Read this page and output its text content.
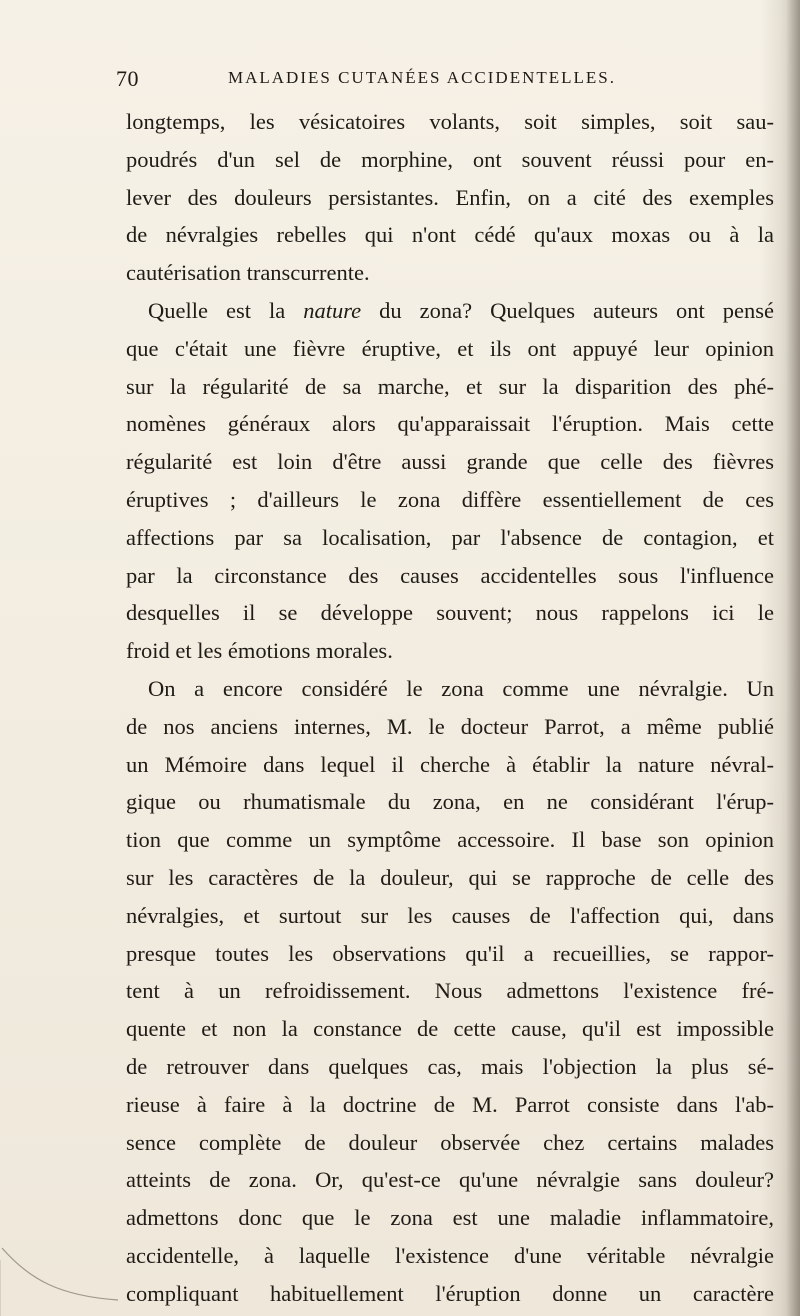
70	MALADIES CUTANÉES ACCIDENTELLES.
longtemps, les vésicatoires volants, soit simples, soit sau-
poudrés d'un sel de morphine, ont souvent réussi pour en-
lever des douleurs persistantes. Enfin, on a cité des exemples
de névralgies rebelles qui n'ont cédé qu'aux moxas ou à la
cautérisation transcurrente.
Quelle est la nature du zona? Quelques auteurs ont pensé
que c'était une fièvre éruptive, et ils ont appuyé leur opinion
sur la régularité de sa marche, et sur la disparition des phé-
nomènes généraux alors qu'apparaissait l'éruption. Mais cette
régularité est loin d'être aussi grande que celle des fièvres
éruptives ; d'ailleurs le zona diffère essentiellement de ces
affections par sa localisation, par l'absence de contagion, et
par la circonstance des causes accidentelles sous l'influence
desquelles il se développe souvent; nous rappelons ici le
froid et les émotions morales.
On a encore considéré le zona comme une névralgie. Un
de nos anciens internes, M. le docteur Parrot, a même publié
un Mémoire dans lequel il cherche à établir la nature névral-
gique ou rhumatismale du zona, en ne considérant l'érup-
tion que comme un symptôme accessoire. Il base son opinion
sur les caractères de la douleur, qui se rapproche de celle des
névralgies, et surtout sur les causes de l'affection qui, dans
presque toutes les observations qu'il a recueillies, se rappor-
tent à un refroidissement. Nous admettons l'existence fré-
quente et non la constance de cette cause, qu'il est impossible
de retrouver dans quelques cas, mais l'objection la plus sé-
rieuse à faire à la doctrine de M. Parrot consiste dans l'ab-
sence complète de douleur observée chez certains malades
atteints de zona. Or, qu'est-ce qu'une névralgie sans douleur?
admettons donc que le zona est une maladie inflammatoire,
accidentelle, à laquelle l'existence d'une véritable névralgie
compliquant habituellement l'éruption donne un caractère
